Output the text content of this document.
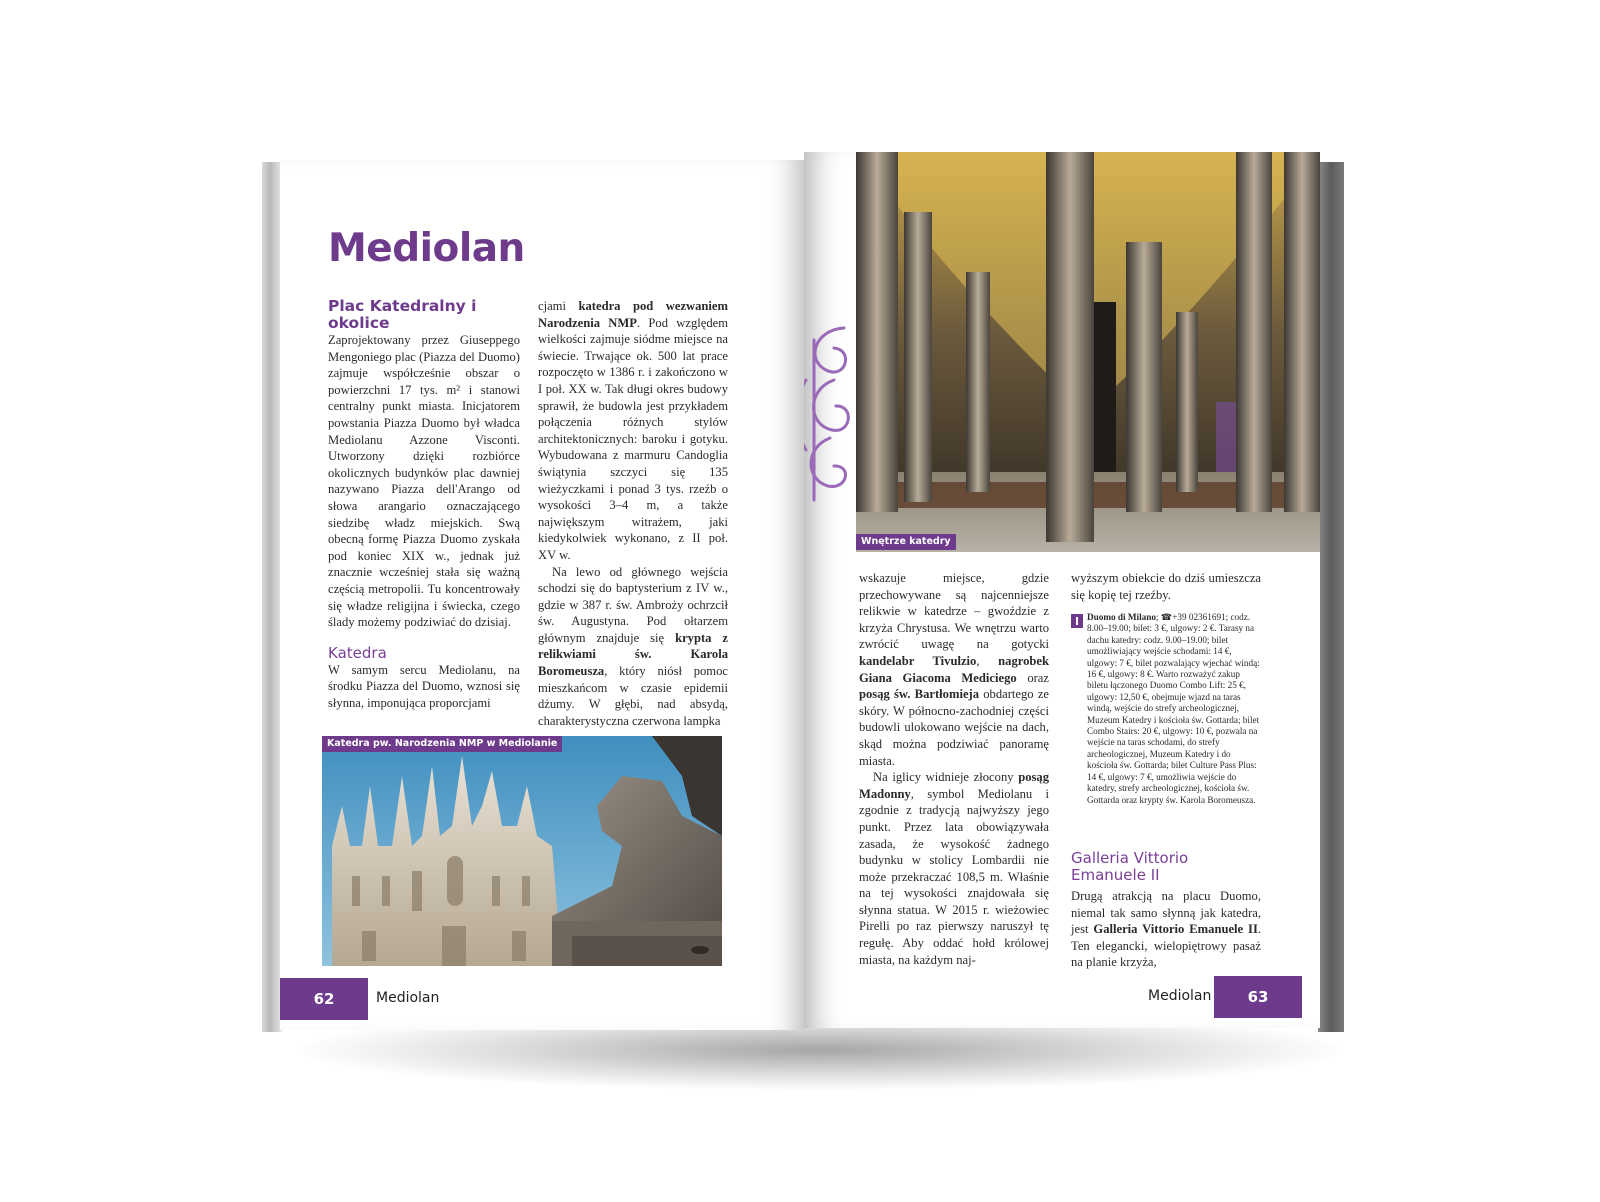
Mediolan
Plac Katedralny i okolice

Zaprojektowany przez Giuseppego Mengoniego plac (Piazza del Duomo) zajmuje współcześnie obszar o powierzchni 17 tys. m² i stanowi centralny punkt miasta. Inicjatorem powstania Piazza Duomo był władca Mediolanu Azzone Visconti. Utworzony dzięki rozbiórce okolicznych budynków plac dawniej nazywano Piazza dell'Arango od słowa arangario oznaczającego siedzibę władz miejskich. Swą obecną formę Piazza Duomo zyskała pod koniec XIX w., jednak już znacznie wcześniej stała się ważną częścią metropolii. Tu koncentrowały się władze religijna i świecka, czego ślady możemy podziwiać do dzisiaj.

Katedra

W samym sercu Mediolanu, na środku Piazza del Duomo, wznosi się słynna, imponująca proporcjami

cjami katedra pod wezwaniem Narodzenia NMP. Pod względem wielkości zajmuje siódme miejsce na świecie. Trwające ok. 500 lat prace rozpoczęto w 1386 r. i zakończono w I poł. XX w. Tak długi okres budowy sprawił, że budowla jest przykładem połączenia różnych stylów architektonicznych: baroku i gotyku. Wybudowana z marmuru Candoglia świątynia szczyci się 135 wieżyczkami i ponad 3 tys. rzeźb o wysokości 3–4 m, a także największym witrażem, jaki kiedykolwiek wykonano, z II poł. XV w.

Na lewo od głównego wejścia schodzi się do baptysterium z IV w., gdzie w 387 r. św. Ambroży ochrzcił św. Augustyna. Pod ołtarzem głównym znajduje się krypta z relikwiami św. Karola Boromeusza, który niósł pomoc mieszkańcom w czasie epidemii dżumy. W głębi, nad absydą, charakterystyczna czerwona lampka

Katedra pw. Narodzenia NMP w Mediolanie
62	Mediolan
Wnętrze katedry

wskazuje miejsce, gdzie przechowywane są najcenniejsze relikwie w katedrze – gwoździe z krzyża Chrystusa. We wnętrzu warto zwrócić uwagę na gotycki kandelabr Tivulzio, nagrobek Giana Giacoma Mediciego oraz posąg św. Bartłomieja obdartego ze skóry. W północno-zachodniej części budowli ulokowano wejście na dach, skąd można podziwiać panoramę miasta.

Na iglicy widnieje złocony posąg Madonny, symbol Mediolanu i zgodnie z tradycją najwyższy jego punkt. Przez lata obowiązywała zasada, że wysokość żadnego budynku w stolicy Lombardii nie może przekraczać 108,5 m. Właśnie na tej wysokości znajdowała się słynna statua. W 2015 r. wieżowiec Pirelli po raz pierwszy naruszył tę regułę. Aby oddać hołd królowej miasta, na każdym naj-

wyższym obiekcie do dziś umieszcza się kopię tej rzeźby.

Duomo di Milano; ☎+39 02361691; codz. 8.00–19.00; bilet: 3 €, ulgowy: 2 €. Tarasy na dachu katedry: codz. 9.00–19.00; bilet umożliwiający wejście schodami: 14 €, ulgowy: 7 €, bilet pozwalający wjechać windą: 16 €, ulgowy: 8 €. Warto rozważyć zakup biletu łączonego Duomo Combo Lift: 25 €, ulgowy: 12,50 €, obejmuje wjazd na taras windą, wejście do strefy archeologicznej, Muzeum Katedry i kościoła św. Gottarda; bilet Combo Stairs: 20 €, ulgowy: 10 €, pozwala na wejście na taras schodami, do strefy archeologicznej, Muzeum Katedry i do kościoła św. Gottarda; bilet Culture Pass Plus: 14 €, ulgowy: 7 €, umożliwia wejście do katedry, strefy archeologicznej, kościoła św. Gottarda oraz krypty św. Karola Boromeusza.
Galleria Vittorio Emanuele II

Drugą atrakcją na placu Duomo, niemal tak samo słynną jak katedra, jest Galleria Vittorio Emanuele II. Ten elegancki, wielopiętrowy pasaż na planie krzyża,

Mediolan	63
